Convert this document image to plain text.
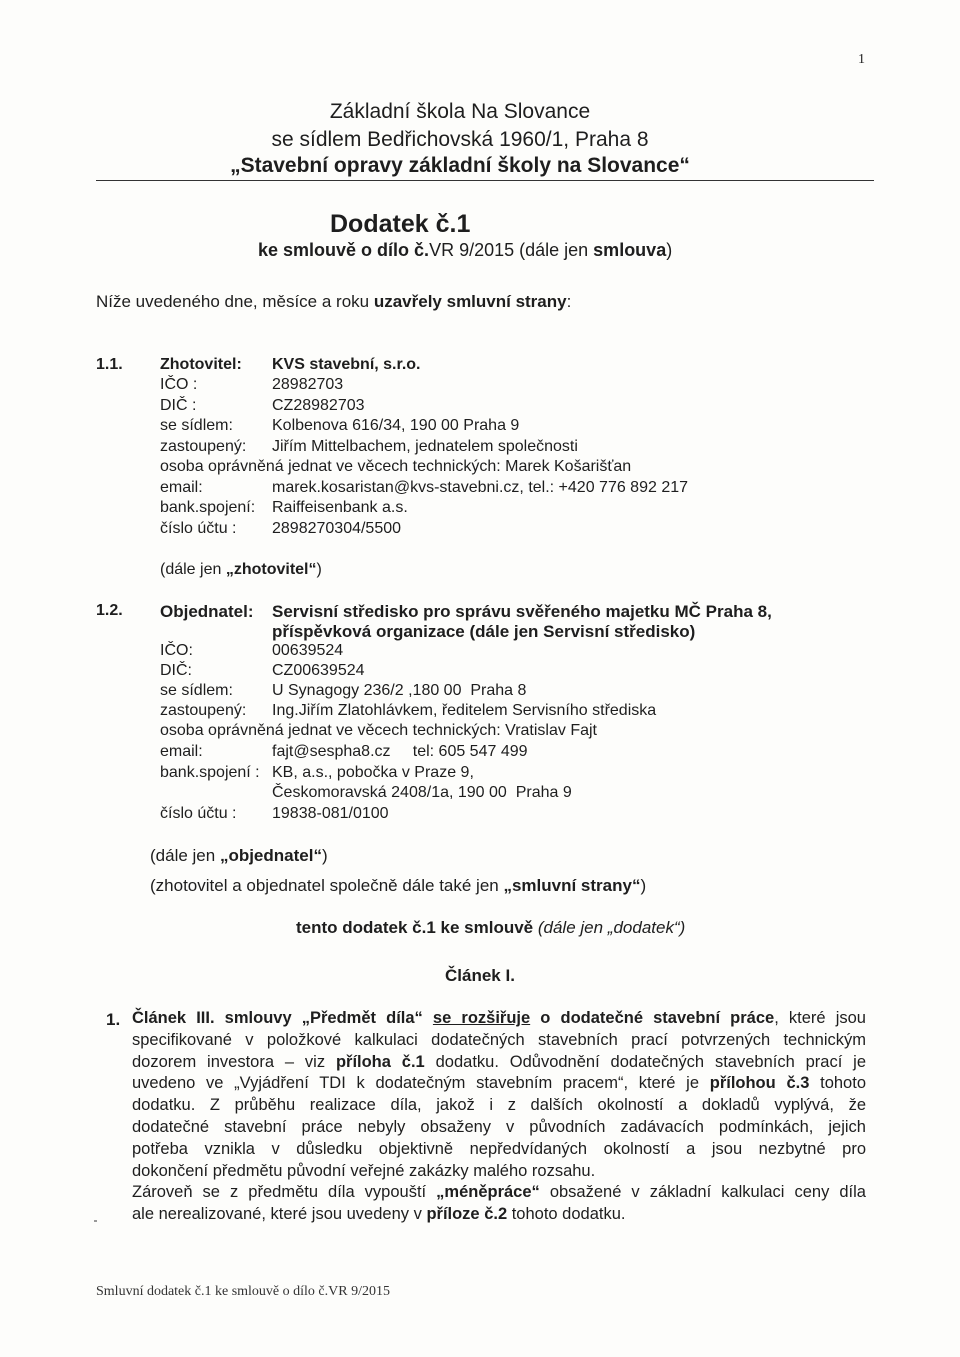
1
Základní škola Na Slovance
se sídlem Bedřichovská 1960/1, Praha 8
„Stavební opravy základní školy na Slovance“
Dodatek č.1
ke smlouvě o dílo č.VR 9/2015 (dále jen smlouva)
Níže uvedeného dne, měsíce a roku uzavřely smluvní strany:
1.1. Zhotovitel: KVS stavební, s.r.o.
IČO :	28982703
DIČ :	CZ28982703
se sídlem: Kolbenova 616/34, 190 00 Praha 9
zastoupený: Jiřím Mittelbachem, jednatelem společnosti
osoba oprávněná jednat ve věcech technických: Marek Košarišťan
email:	marek.kosaristan@kvs-stavebni.cz, tel.: +420 776 892 217
bank.spojení: Raiffeisenbank a.s.
číslo účtu : 2898270304/5500
(dále jen „zhotovitel“)
1.2. Objednatel: Servisní středisko pro správu svěřeného majetku MČ Praha 8,
příspěvková organizace (dále jen Servisní středisko)
IČO:	00639524
DIČ:	CZ00639524
se sídlem: U Synagogy 236/2 ,180 00  Praha 8
zastoupený: Ing.Jiřím Zlatohlávkem, ředitelem Servisního střediska
osoba oprávněná jednat ve věcech technických: Vratislav Fajt
email:	fajt@sespha8.cz     tel: 605 547 499
bank.spojení : KB, a.s., pobočka v Praze 9,
Českomoravská 2408/1a, 190 00  Praha 9
číslo účtu : 19838-081/0100
(dále jen „objednatel“)
(zhotovitel a objednatel společně dále také jen „smluvní strany“)
tento dodatek č.1 ke smlouvě (dále jen „dodatek“)
Článek I.
1. Článek III. smlouvy „Předmět díla“ se rozšiřuje o dodatečné stavební práce, které jsou
specifikované v položkové kalkulaci dodatečných stavebních prací potvrzených technickým
dozorem investora – viz příloha č.1 dodatku. Odůvodnění dodatečných stavebních prací je
uvedeno ve „Vyjádření TDI k dodatečným stavebním pracem“, které je přílohou č.3 tohoto
dodatku. Z průběhu realizace díla, jakož i z dalších okolností a dokladů vyplývá, že
dodatečné stavební práce nebyly obsaženy v původních zadávacích podmínkách, jejich
potřeba vznikla v důsledku objektivně nepředvídaných okolností a jsou nezbytné pro
dokončení předmětu původní veřejné zakázky malého rozsahu.
Zároveň se z předmětu díla vypouští „méněpráce“ obsažené v základní kalkulaci ceny díla
ale nerealizované, které jsou uvedeny v příloze č.2 tohoto dodatku.
Smluvní dodatek č.1 ke smlouvě o dílo č.VR 9/2015
